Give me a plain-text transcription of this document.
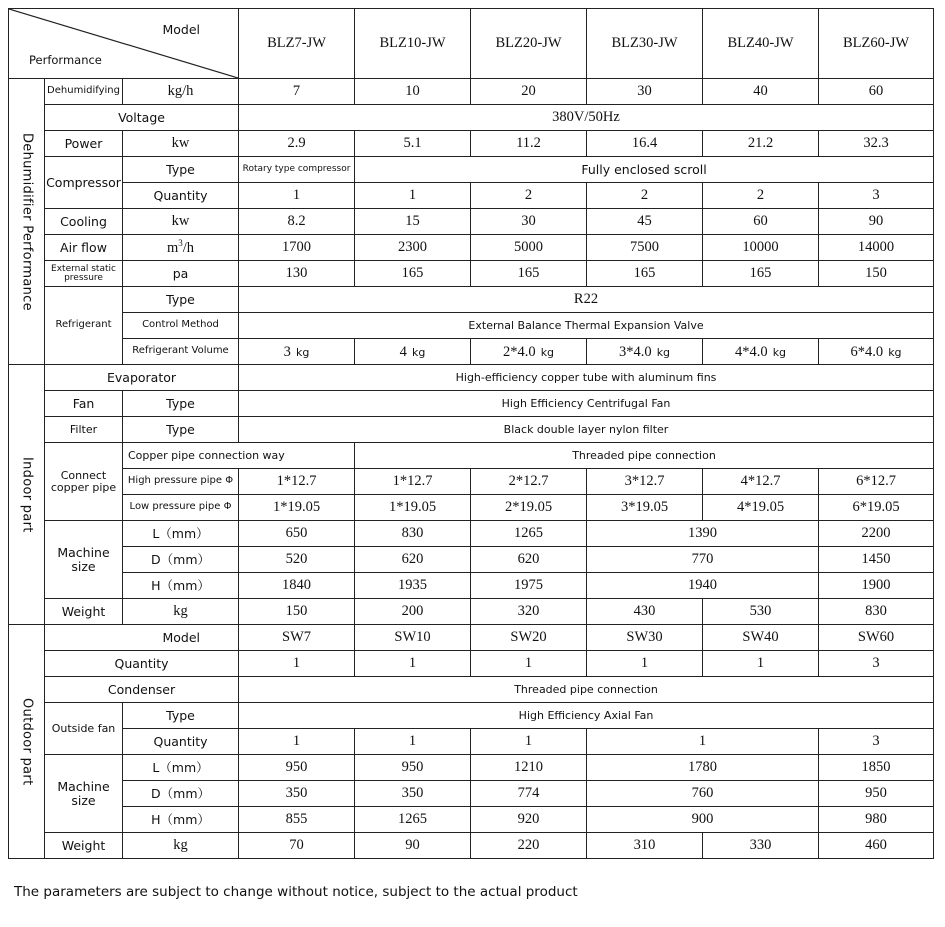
Model
Performance			BLZ7-JW	BLZ10-JW	BLZ20-JW	BLZ30-JW	BLZ40-JW	BLZ60-JW
Dehumidifier Performance	Dehumidifying	kg/h	7	10	20	30	40	60
	Voltage		380V/50Hz					
	Power	kw	2.9	5.1	11.2	16.4	21.2	32.3
	Compressor	Type	Rotary type compressor	Fully enclosed scroll				
		Quantity	1	1	2	2	2	3
	Cooling	kw	8.2	15	30	45	60	90
	Air flow	$m^3/h$	1700	2300	5000	7500	10000	14000
	External static pressure	pa	130	165	165	165	165	150
	Refrigerant	Type	R22					
		Control Method	External Balance Thermal Expansion Valve					
		Refrigerant Volume	3 kg	4 kg	2*4.0 kg	3*4.0 kg	4*4.0 kg	6*4.0 kg
Indoor part	Evaporator		High-efficiency copper tube with aluminum fins					
	Fan	Type	High Efficiency Centrifugal Fan					
	Filter	Type	Black double layer nylon filter					
	Connect copper pipe	Copper pipe connection way		Threaded pipe connection				
		High pressure pipe Φ	1*12.7	1*12.7	2*12.7	3*12.7	4*12.7	6*12.7
		Low pressure pipe Φ	1*19.05	1*19.05	2*19.05	3*19.05	4*19.05	6*19.05
	Machine size	L（mm）	650	830	1265	1390		2200
		D（mm）	520	620	620	770		1450
		H（mm）	1840	1935	1975	1940		1900
	Weight	kg	150	200	320	430	530	830
Outdoor part	Model		SW7	SW10	SW20	SW30	SW40	SW60
	Quantity		1	1	1	1	1	3
	Condenser		Threaded pipe connection					
	Outside fan	Type	High Efficiency Axial Fan					
		Quantity	1	1	1	1		3
	Machine size	L（mm）	950	950	1210	1780		1850
		D（mm）	350	350	774	760		950
		H（mm）	855	1265	920	900		980
	Weight	kg	70	90	220	310	330	460
The parameters are subject to change without notice, subject to the actual product
